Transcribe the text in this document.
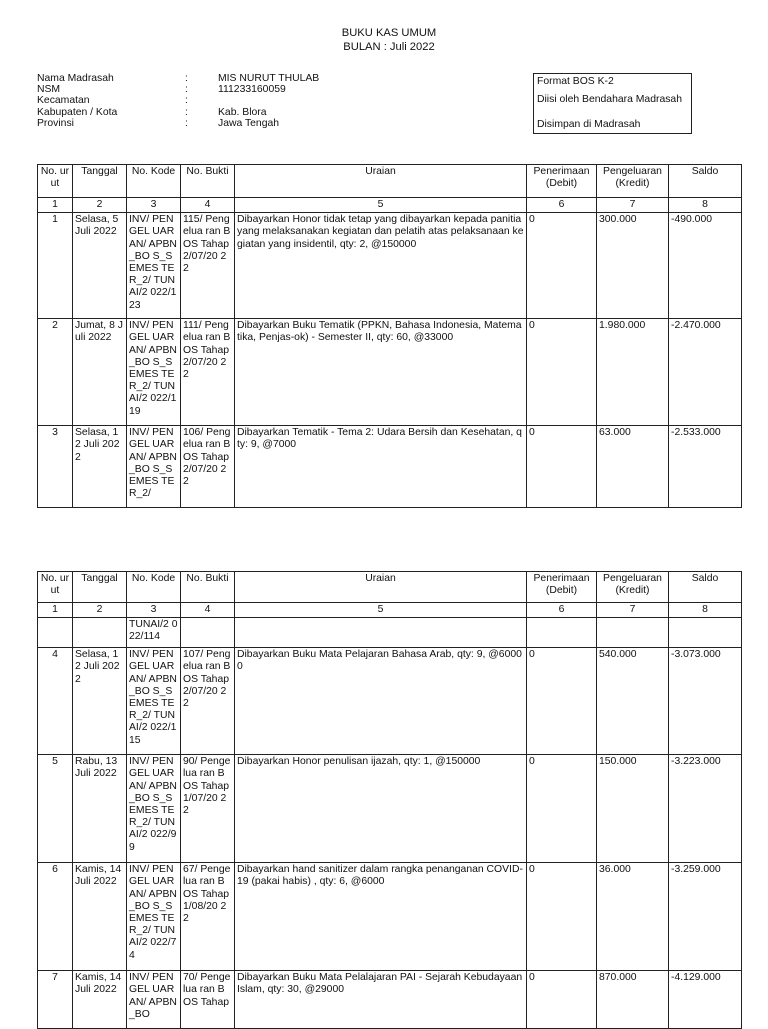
BUKU KAS UMUM
BULAN : Juli 2022
Nama Madrasah	:	MIS NURUT THULAB
NSM	:	111233160059
Kecamatan	:
Kabupaten / Kota	:	Kab. Blora
Provinsi	:	Jawa Tengah
Format BOS K-2
Diisi oleh Bendahara Madrasah
Disimpan di Madrasah
No. urut	Tanggal	No. Kode	No. Bukti	Uraian	Penerimaan (Debit)	Pengeluaran (Kredit)	Saldo
1	2	3	4	5	6	7	8
1	Selasa, 5 Juli 2022	INV/ PENGEL UARAN/ APBN_BO S_SEMES TER_2/ TUNAI/2 022/123	115/ Pengelua ran BOS Tahap 2/07/20 22	Dibayarkan Honor tidak tetap yang dibayarkan kepada panitia yang melaksanakan kegiatan dan pelatih atas pelaksanaan kegiatan yang insidentil, qty: 2, @150000	0	300.000	-490.000
2	Jumat, 8 Juli 2022	INV/ PENGEL UARAN/ APBN_BO S_SEMES TER_2/ TUNAI/2 022/119	111/ Pengelua ran BOS Tahap 2/07/20 22	Dibayarkan Buku Tematik (PPKN, Bahasa Indonesia, Matematika, Penjas-ok) - Semester II, qty: 60, @33000	0	1.980.000	-2.470.000
3	Selasa, 12 Juli 2022	INV/ PENGEL UARAN/ APBN_BO S_SEMES TER_2/	106/ Pengelua ran BOS Tahap 2/07/20 22	Dibayarkan Tematik - Tema 2: Udara Bersih dan Kesehatan, qty: 9, @7000	0	63.000	-2.533.000
No. urut	Tanggal	No. Kode	No. Bukti	Uraian	Penerimaan (Debit)	Pengeluaran (Kredit)	Saldo
1	2	3	4	5	6	7	8
		TUNAI/2 022/114					
4	Selasa, 12 Juli 2022	INV/ PENGEL UARAN/ APBN_BO S_SEMES TER_2/ TUNAI/2 022/115	107/ Pengelua ran BOS Tahap 2/07/20 22	Dibayarkan Buku Mata Pelajaran Bahasa Arab, qty: 9, @60000	0	540.000	-3.073.000
5	Rabu, 13 Juli 2022	INV/ PENGEL UARAN/ APBN_BO S_SEMES TER_2/ TUNAI/2 022/99	90/ Pengelua ran BOS Tahap 1/07/20 22	Dibayarkan Honor penulisan ijazah, qty: 1, @150000	0	150.000	-3.223.000
6	Kamis, 14 Juli 2022	INV/ PENGEL UARAN/ APBN_BO S_SEMES TER_2/ TUNAI/2 022/74	67/ Pengelua ran BOS Tahap 1/08/20 22	Dibayarkan hand sanitizer dalam rangka penanganan COVID-19 (pakai habis) , qty: 6, @6000	0	36.000	-3.259.000
7	Kamis, 14 Juli 2022	INV/ PENGEL UARAN/ APBN_BO	70/ Pengelua ran BOS Tahap	Dibayarkan Buku Mata Pelalajaran PAI - Sejarah Kebudayaan Islam, qty: 30, @29000	0	870.000	-4.129.000
